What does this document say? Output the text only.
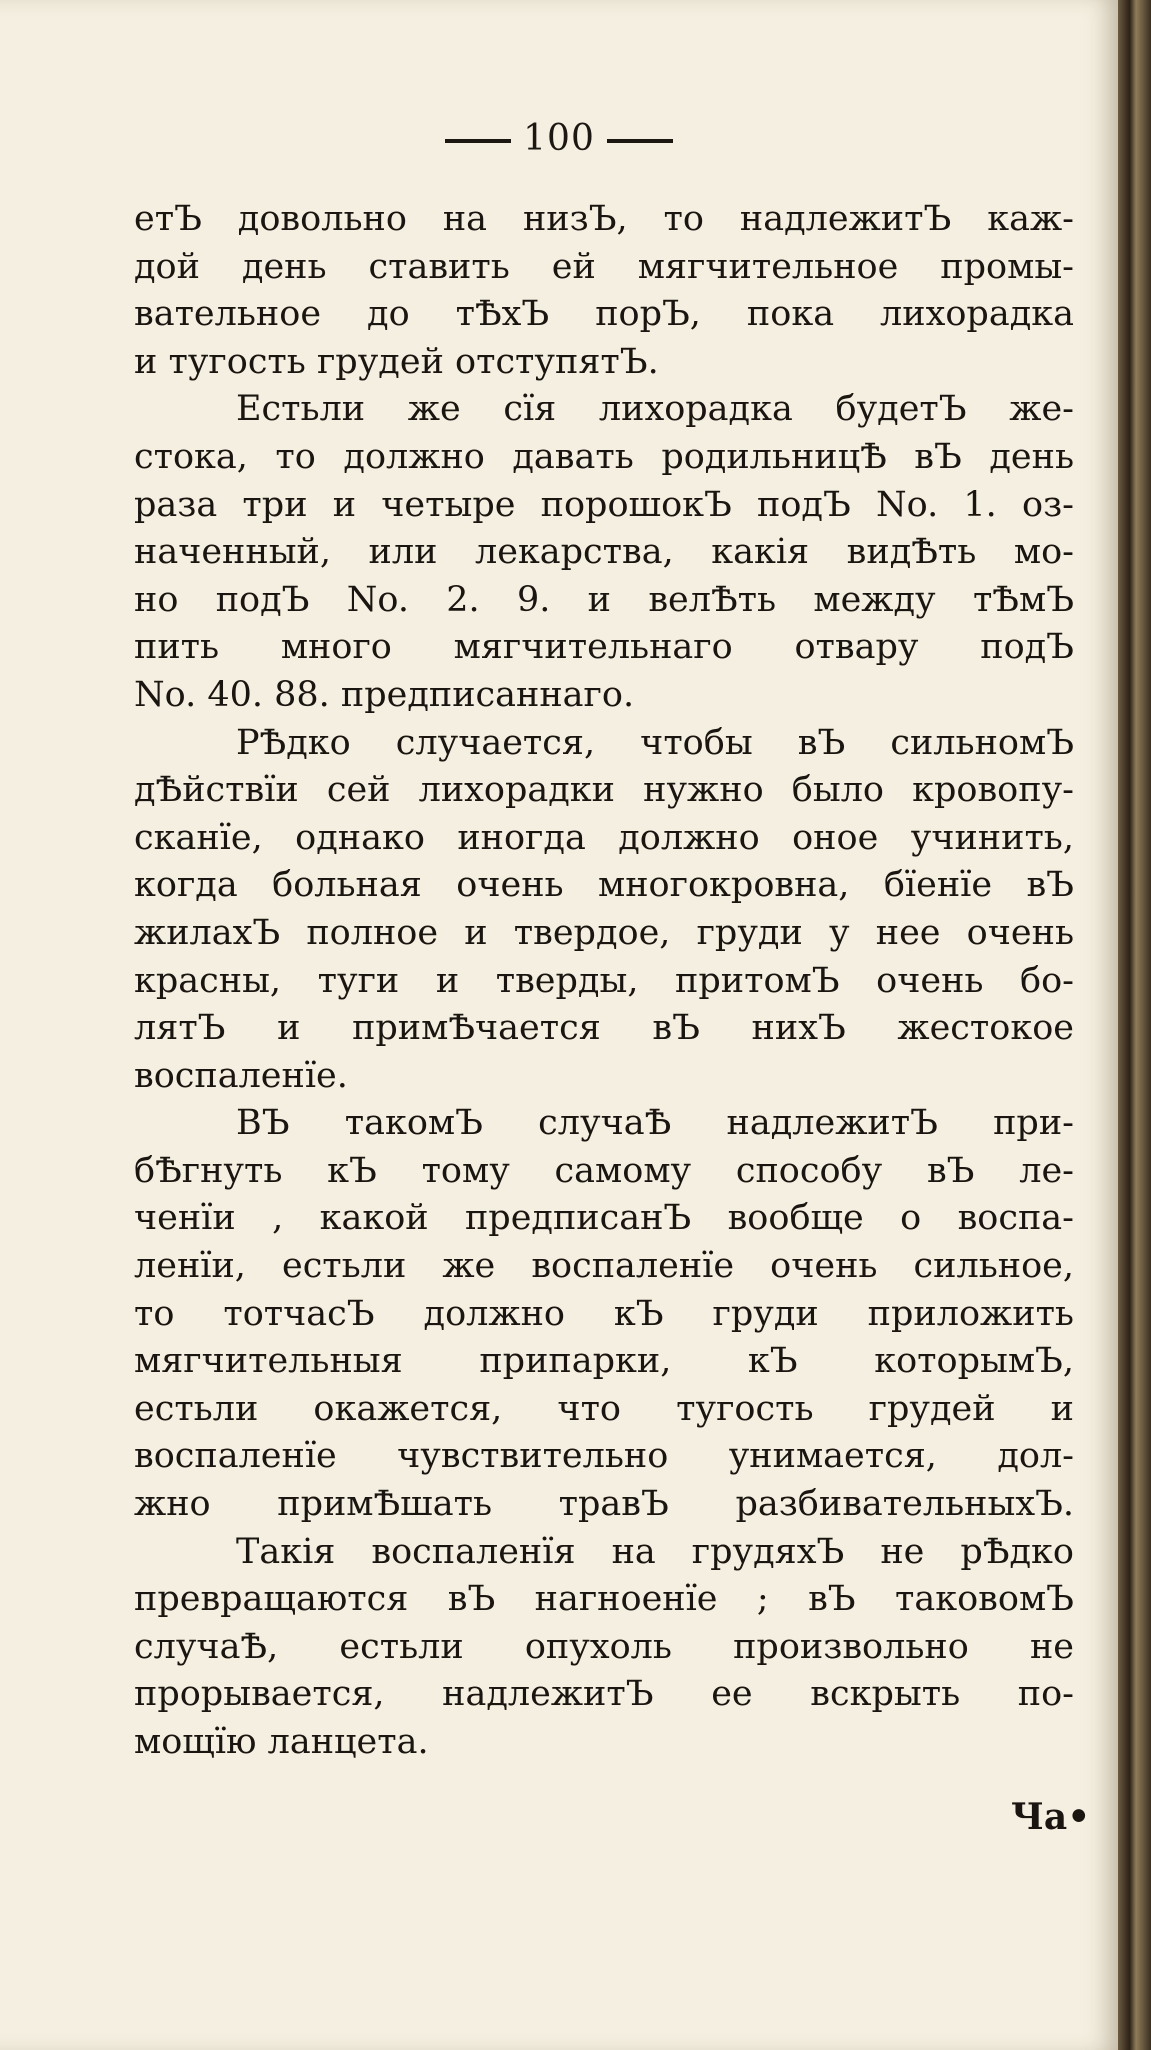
100
етЪ довольно на низЪ, то надлежитЪ каж-
дой день ставить ей мягчительное промы-
вательное до тѢхЪ порЪ, пока лихорадка
и тугость грудей отступятЪ.
Естьли же сїя лихорадка будетЪ же-
стока, то должно давать родильницѢ вЪ день
раза три и четыре порошокЪ подЪ No. 1. оз-
наченный, или лекарства, какія видѢть мо-
но подЪ No. 2. 9. и велѢть между тѢмЪ
пить много мягчительнаго отвару подЪ
No. 40. 88. предписаннаго.
РѢдко случается, чтобы вЪ сильномЪ
дѢйствїи сей лихорадки нужно было кровопу-
сканїе, однако иногда должно оное учинить,
когда больная очень многокровна, бїенїе вЪ
жилахЪ полное и твердое, груди у нее очень
красны, туги и тверды, притомЪ очень бо-
лятЪ и примѢчается вЪ нихЪ жестокое
воспаленїе.
ВЪ такомЪ случаѢ надлежитЪ при-
бѢгнуть кЪ тому самому способу вЪ ле-
ченїи , какой предписанЪ вообще о воспа-
ленїи, естьли же воспаленїе очень сильное,
то тотчасЪ должно кЪ груди приложить
мягчительныя припарки, кЪ которымЪ,
естьли окажется, что тугость грудей и
воспаленїе чувствительно унимается, дол-
жно примѢшать травЪ разбивательныхЪ.
Такія воспаленїя на грудяхЪ не рѢдко
превращаются вЪ нагноенїе ; вЪ таковомЪ
случаѢ, естьли опухоль произвольно не
прорывается, надлежитЪ ее вскрыть по-
мощїю ланцета.
Ча•
